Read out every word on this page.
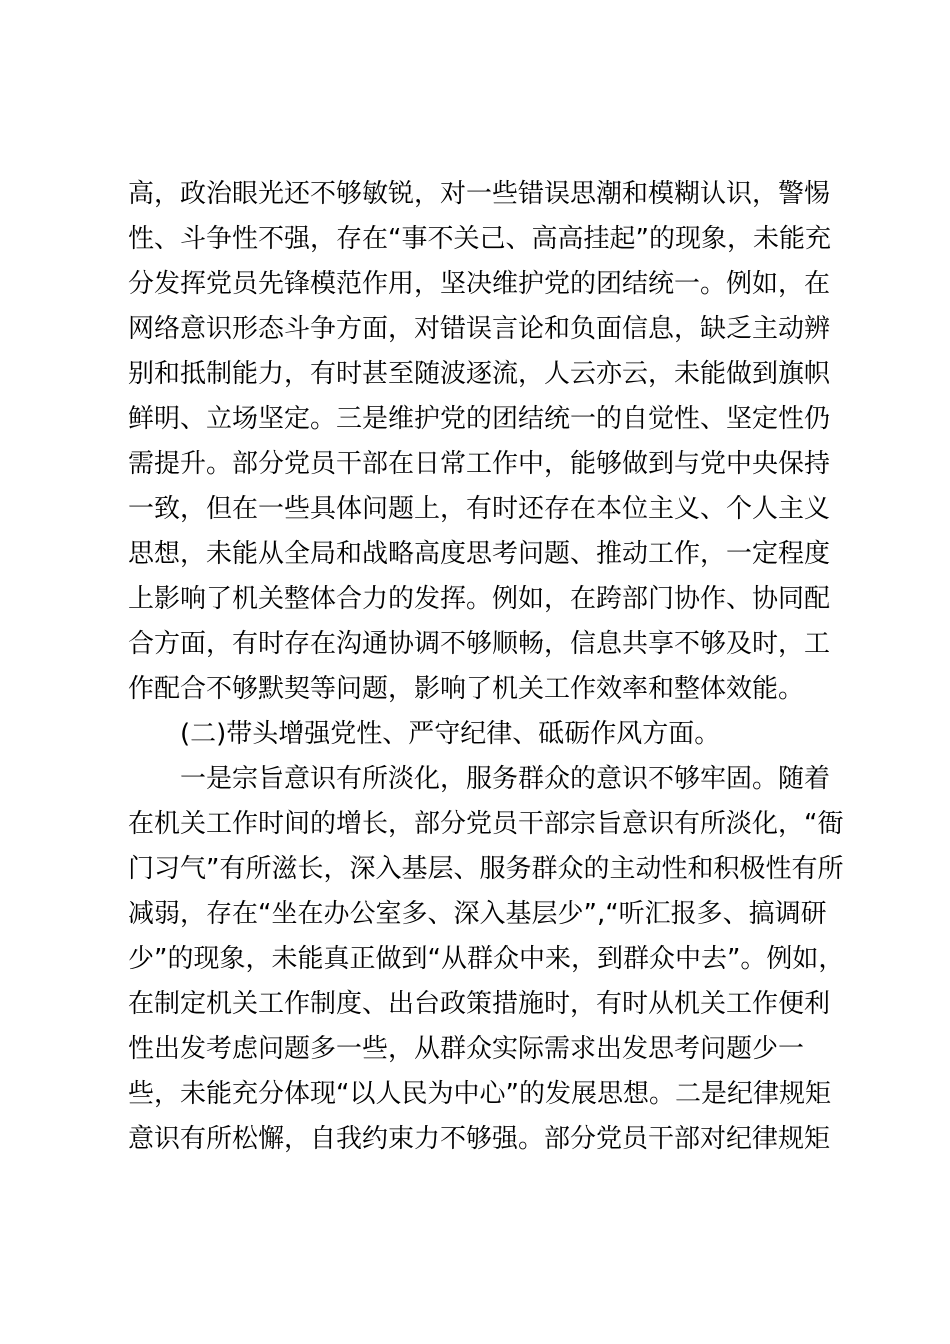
高，政治眼光还不够敏锐，对一些错误思潮和模糊认识，警惕
性、斗争性不强，存在“事不关己、高高挂起”的现象，未能充
分发挥党员先锋模范作用，坚决维护党的团结统一。例如，在
网络意识形态斗争方面，对错误言论和负面信息，缺乏主动辨
别和抵制能力，有时甚至随波逐流，人云亦云，未能做到旗帜
鲜明、立场坚定。三是维护党的团结统一的自觉性、坚定性仍
需提升。部分党员干部在日常工作中，能够做到与党中央保持
一致，但在一些具体问题上，有时还存在本位主义、个人主义
思想，未能从全局和战略高度思考问题、推动工作，一定程度
上影响了机关整体合力的发挥。例如，在跨部门协作、协同配
合方面，有时存在沟通协调不够顺畅，信息共享不够及时，工
作配合不够默契等问题，影响了机关工作效率和整体效能。
(二)带头增强党性、严守纪律、砥砺作风方面。
一是宗旨意识有所淡化，服务群众的意识不够牢固。随着
在机关工作时间的增长，部分党员干部宗旨意识有所淡化，“衙
门习气”有所滋长，深入基层、服务群众的主动性和积极性有所
减弱，存在“坐在办公室多、深入基层少”,“听汇报多、搞调研
少”的现象，未能真正做到“从群众中来，到群众中去”。例如，
在制定机关工作制度、出台政策措施时，有时从机关工作便利
性出发考虑问题多一些，从群众实际需求出发思考问题少一
些，未能充分体现“以人民为中心”的发展思想。二是纪律规矩
意识有所松懈，自我约束力不够强。部分党员干部对纪律规矩
